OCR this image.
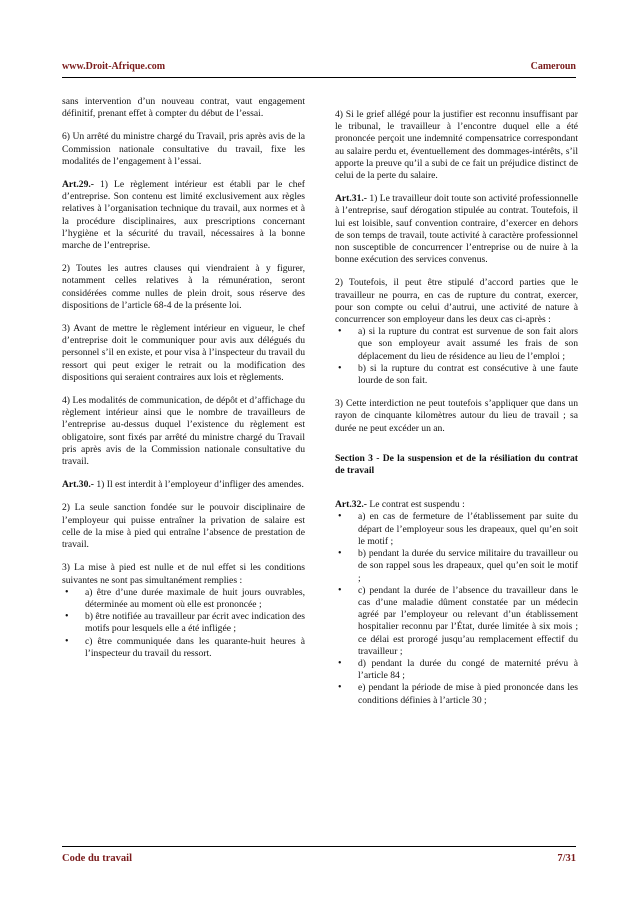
www.Droit-Afrique.com	Cameroun

sans intervention d’un nouveau contrat, vaut engagement définitif, prenant effet à compter du début de l’essai.

6) Un arrêté du ministre chargé du Travail, pris après avis de la Commission nationale consultative du travail, fixe les modalités de l’engagement à l’essai.

Art.29.- 1) Le règlement intérieur est établi par le chef d’entreprise. Son contenu est limité exclusivement aux règles relatives à l’organisation technique du travail, aux normes et à la procédure disciplinaires, aux prescriptions concernant l’hygiène et la sécurité du travail, nécessaires à la bonne marche de l’entreprise.

2) Toutes les autres clauses qui viendraient à y figurer, notamment celles relatives à la rémunération, seront considérées comme nulles de plein droit, sous réserve des dispositions de l’article 68-4 de la présente loi.

3) Avant de mettre le règlement intérieur en vigueur, le chef d’entreprise doit le communiquer pour avis aux délégués du personnel s’il en existe, et pour visa à l’inspecteur du travail du ressort qui peut exiger le retrait ou la modification des dispositions qui seraient contraires aux lois et règlements.

4) Les modalités de communication, de dépôt et d’affichage du règlement intérieur ainsi que le nombre de travailleurs de l’entreprise au-dessus duquel l’existence du règlement est obligatoire, sont fixés par arrêté du ministre chargé du Travail pris après avis de la Commission nationale consultative du travail.

Art.30.- 1) Il est interdit à l’employeur d’infliger des amendes.

2) La seule sanction fondée sur le pouvoir disciplinaire de l’employeur qui puisse entraîner la privation de salaire est celle de la mise à pied qui entraîne l’absence de prestation de travail.

3) La mise à pied est nulle et de nul effet si les conditions suivantes ne sont pas simultanément remplies :

• a) être d’une durée maximale de huit jours ouvrables, déterminée au moment où elle est prononcée ;
• b) être notifiée au travailleur par écrit avec indication des motifs pour lesquels elle a été infligée ;
• c) être communiquée dans les quarante-huit heures à l’inspecteur du travail du ressort.

4) Si le grief allégé pour la justifier est reconnu insuffisant par le tribunal, le travailleur à l’encontre duquel elle a été prononcée perçoit une indemnité compensatrice correspondant au salaire perdu et, éventuellement des dommages-intérêts, s’il apporte la preuve qu’il a subi de ce fait un préjudice distinct de celui de la perte du salaire.

Art.31.- 1) Le travailleur doit toute son activité professionnelle à l’entreprise, sauf dérogation stipulée au contrat. Toutefois, il lui est loisible, sauf convention contraire, d’exercer en dehors de son temps de travail, toute activité à caractère professionnel non susceptible de concurrencer l’entreprise ou de nuire à la bonne exécution des services convenus.

2) Toutefois, il peut être stipulé d’accord parties que le travailleur ne pourra, en cas de rupture du contrat, exercer, pour son compte ou celui d’autrui, une activité de nature à concurrencer son employeur dans les deux cas ci-après :

• a) si la rupture du contrat est survenue de son fait alors que son employeur avait assumé les frais de son déplacement du lieu de résidence au lieu de l’emploi ;
• b) si la rupture du contrat est consécutive à une faute lourde de son fait.

3) Cette interdiction ne peut toutefois s’appliquer que dans un rayon de cinquante kilomètres autour du lieu de travail ; sa durée ne peut excéder un an.

Section 3 - De la suspension et de la résiliation du contrat de travail

Art.32.- Le contrat est suspendu :

• a) en cas de fermeture de l’établissement par suite du départ de l’employeur sous les drapeaux, quel qu’en soit le motif ;
• b) pendant la durée du service militaire du travailleur ou de son rappel sous les drapeaux, quel qu’en soit le motif ;
• c) pendant la durée de l’absence du travailleur dans le cas d’une maladie dûment constatée par un médecin agréé par l’employeur ou relevant d’un établissement hospitalier reconnu par l’État, durée limitée à six mois ; ce délai est prorogé jusqu’au remplacement effectif du travailleur ;
• d) pendant la durée du congé de maternité prévu à l’article 84 ;
• e) pendant la période de mise à pied prononcée dans les conditions définies à l’article 30 ;
Code du travail	7/31
